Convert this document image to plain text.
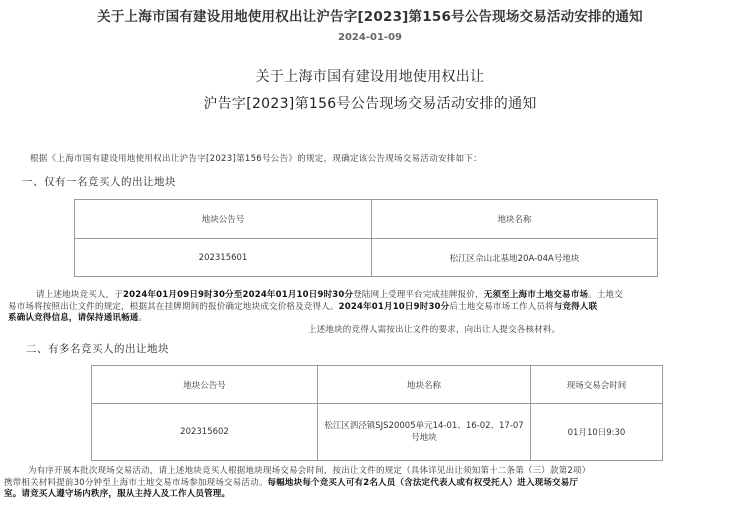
关于上海市国有建设用地使用权出让沪告字[2023]第156号公告现场交易活动安排的通知
2024-01-09
关于上海市国有建设用地使用权出让
沪告字[2023]第156号公告现场交易活动安排的通知
根据《上海市国有建设用地使用权出让沪告字[2023]第156号公告》的规定，现确定该公告现场交易活动安排如下：
一、仅有一名竞买人的出让地块
地块公告号	地块名称
202315601	松江区佘山北基地20A-04A号地块
请上述地块竞买人，于2024年01月09日9时30分至2024年01月10日9时30分登陆网上受理平台完成挂牌报价，无须至上海市土地交易市场。土地交
易市场将按照出让文件的规定，根据其在挂牌期间的报价确定地块成交价格及竞得人。2024年01月10日9时30分后土地交易市场工作人员将与竞得人联
系确认竞得信息，请保持通讯畅通。
上述地块的竞得人需按出让文件的要求，向出让人提交各核材料。
二、有多名竞买人的出让地块
地块公告号	地块名称	现场交易会时间
202315602	松江区泗泾镇SJS20005单元14-01、16-02、17-07号地块	01月10日9:30
为有序开展本批次现场交易活动，请上述地块竞买人根据地块现场交易会时间，按出让文件的规定（具体详见出让须知第十二条第（三）款第2项）
携带相关材料提前30分钟至上海市土地交易市场参加现场交易活动。每幅地块每个竞买人可有2名人员（含法定代表人或有权受托人）进入现场交易厅
室。请竞买人遵守场内秩序，服从主持人及工作人员管理。
